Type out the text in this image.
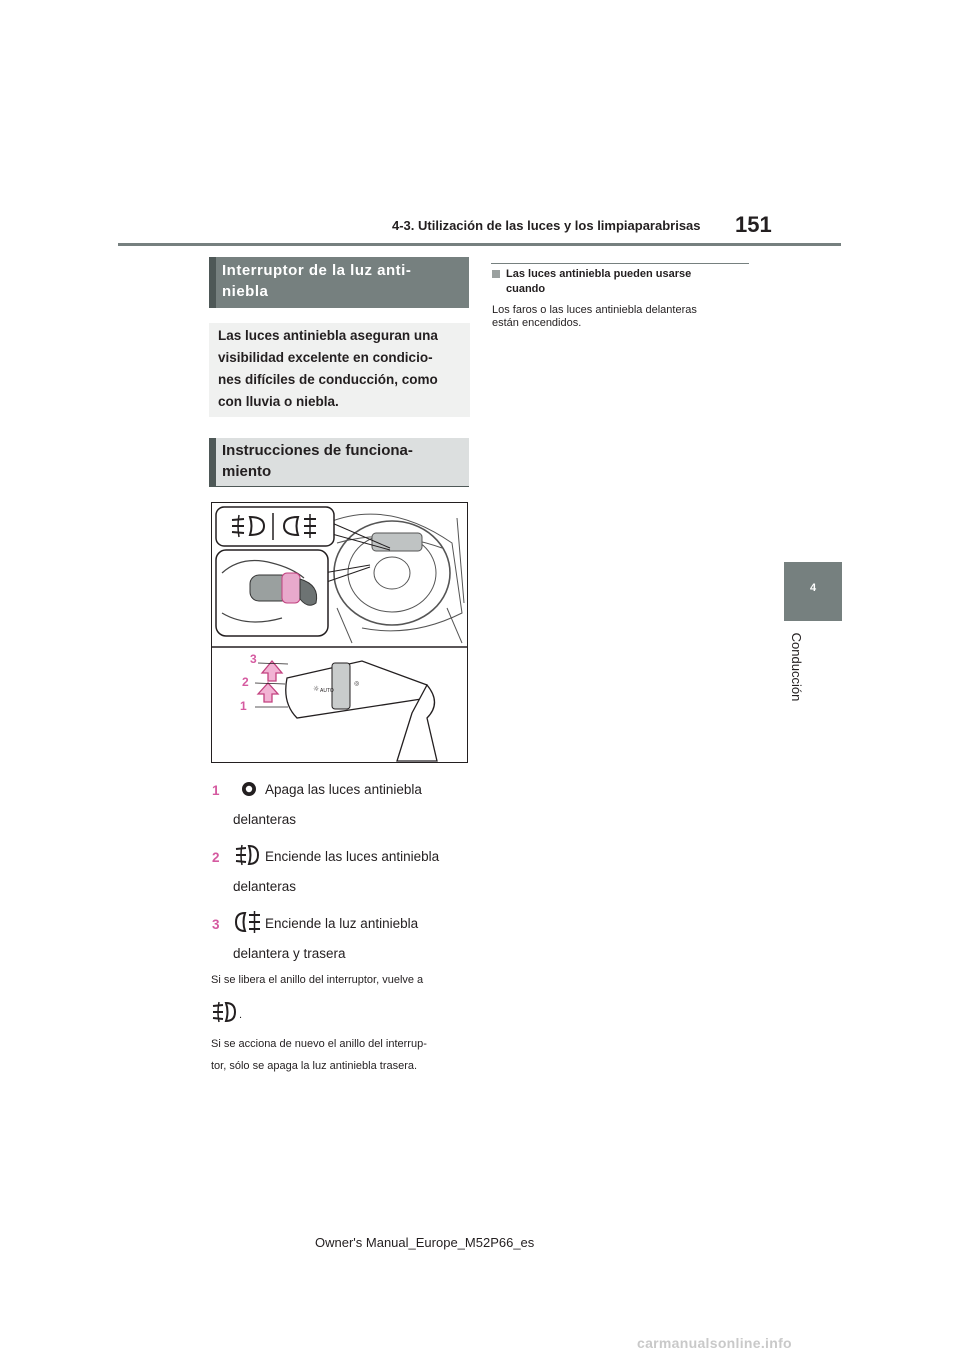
4-3. Utilización de las luces y los limpiaparabrisas 151
4
Conducción
Interruptor de la luz anti-
niebla
Las luces antiniebla aseguran una
visibilidad excelente en condicio-
nes difíciles de conducción, como
con lluvia o niebla.
Instrucciones de funciona-
miento
☼
◎
AUTO
3
2
1
1	Apaga las luces antiniebla
delanteras
2	Enciende las luces antiniebla
delanteras
3	Enciende la luz antiniebla
delantera y trasera
Si se libera el anillo del interruptor, vuelve a
.
Si se acciona de nuevo el anillo del interrup-
tor, sólo se apaga la luz antiniebla trasera.
Las luces antiniebla pueden usarse
cuando
Los faros o las luces antiniebla delanteras
están encendidos.
Owner's Manual_Europe_M52P66_es
carmanualsonline.info
